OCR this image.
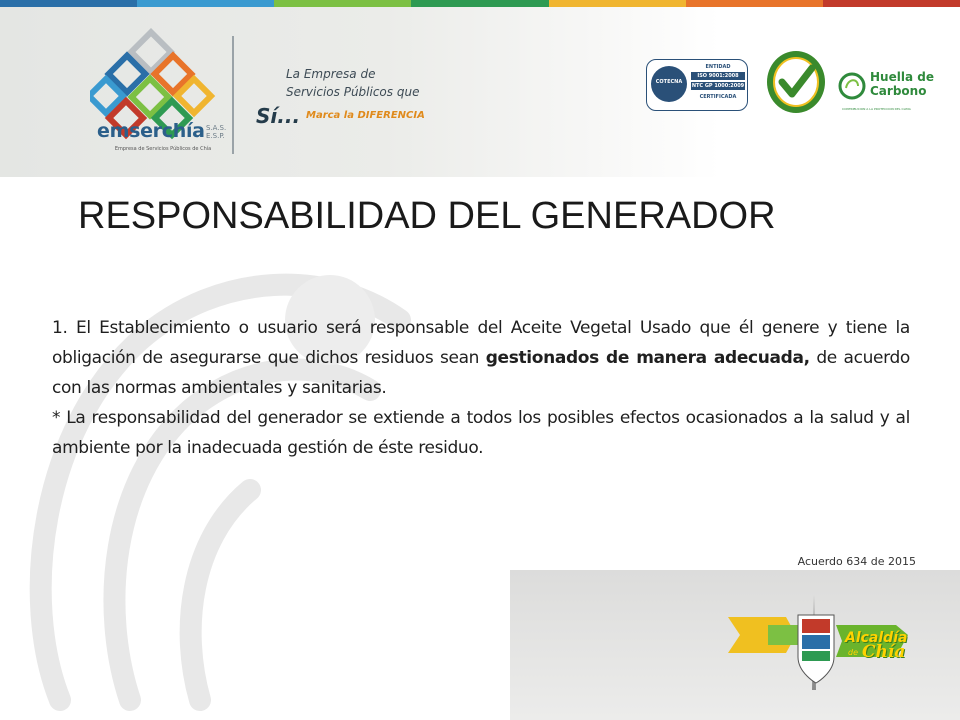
emserchía S.A.S. E.S.P.
Empresa de Servicios Públicos de Chía
La Empresa de
Servicios Públicos que
Sí... Marca la DIFERENCIA
COTECNA
ENTIDAD
ISO 9001:2008
NTC GP 1000:2009
CERTIFICADA
Huella de
Carbono
CONTRIBUCION A LA PROTECCION DEL CLIMA
RESPONSABILIDAD DEL GENERADOR

1. El Establecimiento o usuario será responsable del Aceite Vegetal Usado que él genere y tiene la obligación de asegurarse que dichos residuos sean gestionados de manera adecuada, de acuerdo con las normas ambientales y sanitarias.

* La responsabilidad del generador se extiende a todos los posibles efectos ocasionados a la salud y al ambiente por la inadecuada gestión de éste residuo.

Acuerdo 634 de 2015
Alcaldía
de Chía
